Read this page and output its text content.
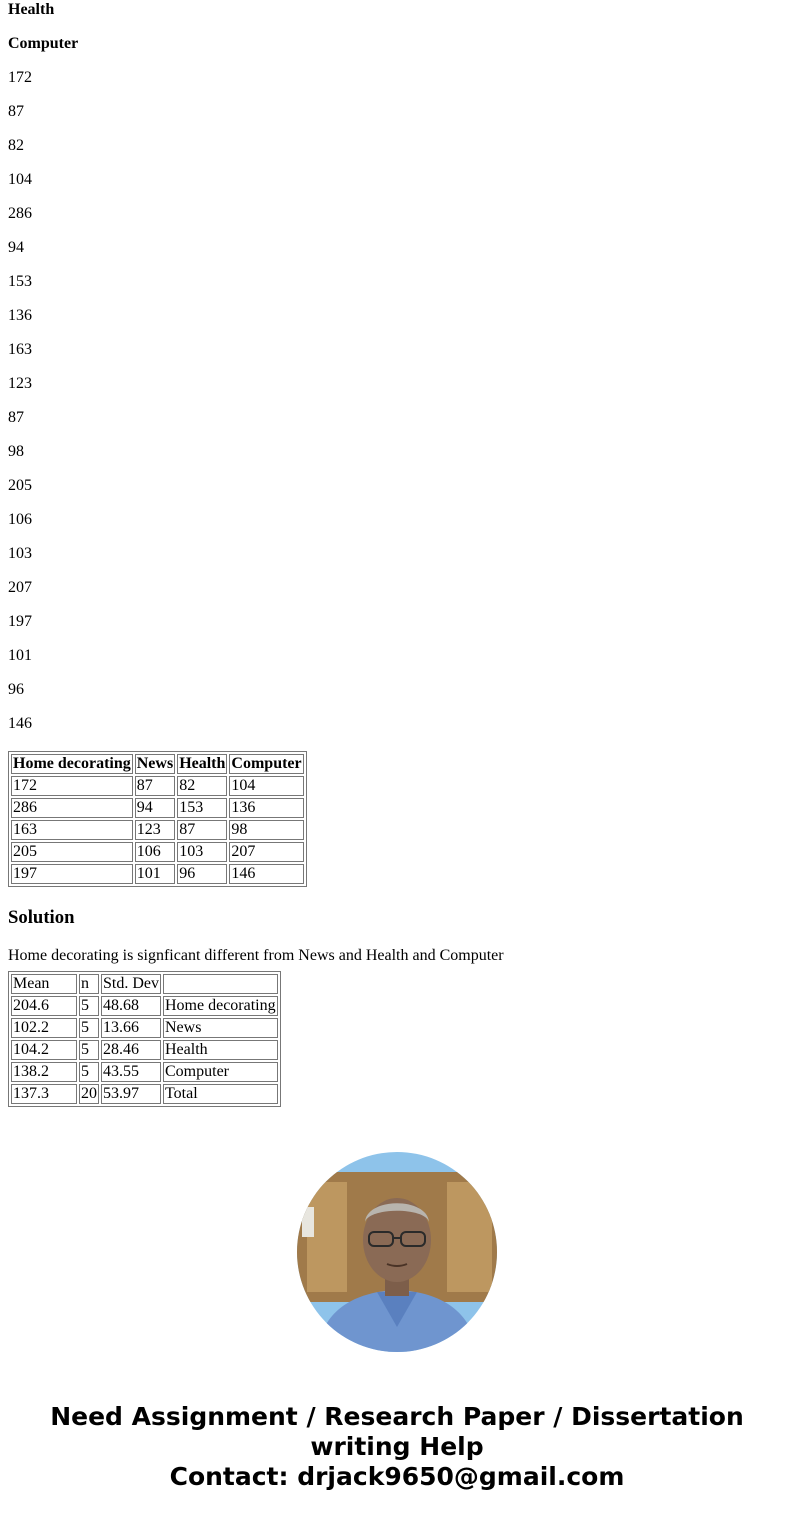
Health

Computer

172

87

82

104

286

94

153

136

163

123

87

98

205

106

103

207

197

101

96

146

Home decorating	News	Health	Computer
172	87	82	104
286	94	153	136
163	123	87	98
205	106	103	207
197	101	96	146
Solution

Home decorating is signficant different from News and Health and Computer

Mean	n	Std. Dev	
204.6	5	48.68	Home decorating
102.2	5	13.66	News
104.2	5	28.46	Health
138.2	5	43.55	Computer
137.3	20	53.97	Total
Need Assignment / Research Paper / Dissertation
writing Help
Contact: drjack9650@gmail.com
